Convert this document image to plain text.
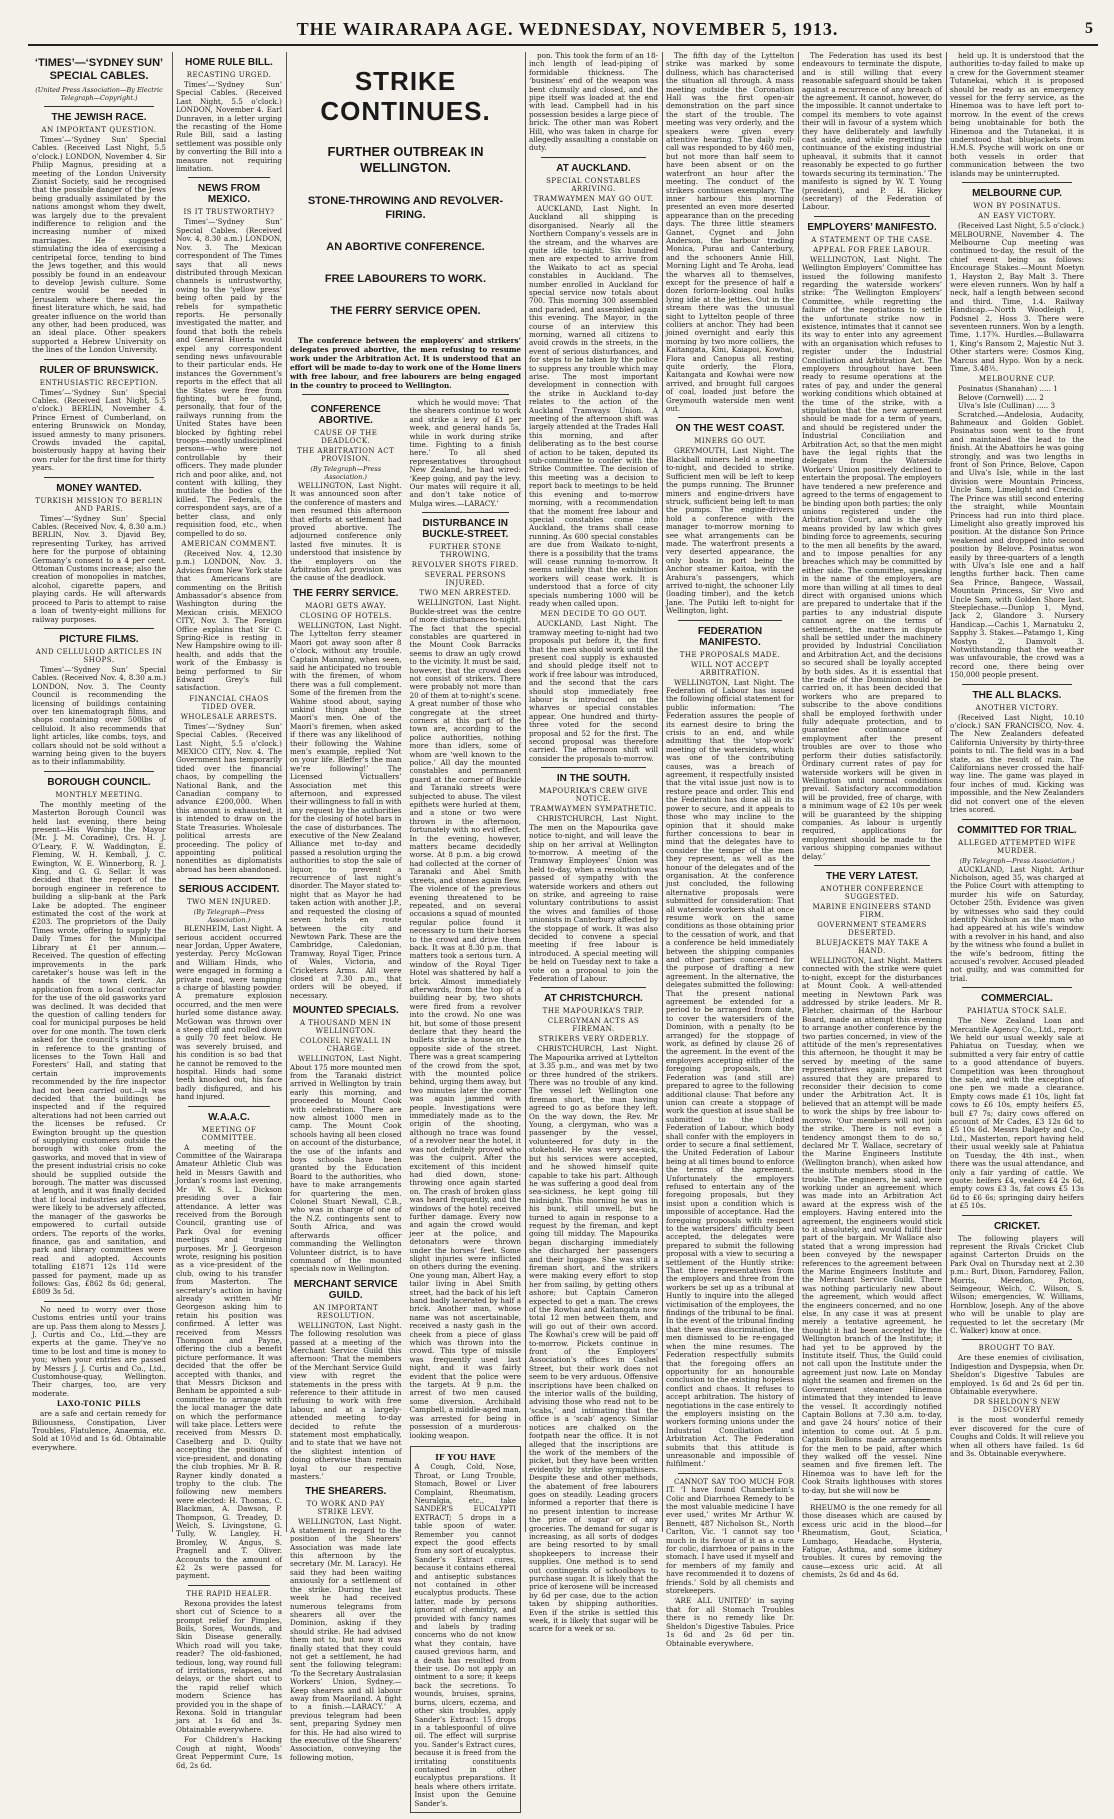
THE WAIRARAPA AGE. WEDNESDAY, NOVEMBER 5, 1913.	5
‘TIMES’—‘SYDNEY SUN’ SPECIAL CABLES.
(United Press Association—By Electric Telegraph—Copyright.)
THE JEWISH RACE.
AN IMPORTANT QUESTION.

Times’—‘Sydney Sun’ Special Cables. (Received Last Night, 5.5 o’clock.) LONDON, November 4. Sir Philip Magnus, presiding at a meeting of the London University Zionist Society, said he recognised that the possible danger of the Jews being gradually assimilated by the nations amongst whom they dwelt, was largely due to the prevalent indifference to religion and the increasing number of mixed marriages. He suggested stimulating the idea of exercising a centripetal force, tending to bind the Jews together, and this would possibly be found in an endeavour to develop Jewish culture. Some centre would be needed in Jerusalem where there was the finest literature which, he said, had greater influence on the world than any other, had been produced, was an ideal place. Other speakers supported a Hebrew University on the lines of the London University.

RULER OF BRUNSWICK.
ENTHUSIASTIC RECEPTION.

Times’—‘Sydney Sun’ Special Cables. (Received Last Night, 5.5 o’clock.) BERLIN, November 4. Prince Ernest of Cumberland, on entering Brunswick on Monday, issued amnesty to many prisoners. Crowds invaded the capital, boisterously happy at having their own ruler for the first time for thirty years.

MONEY WANTED.
TURKISH MISSION TO BERLIN AND PARIS.

Times’—‘Sydney Sun’ Special Cables. (Received Nov. 4, 8.30 a.m.) BERLIN, Nov. 3. Djavid Bey, representing Turkey, has arrived here for the purpose of obtaining Germany’s consent to a 4 per cent. Ottoman Customs increase; also the creation of monopolies in matches, alcohol, cigarette papers, and playing cards. He will afterwards proceed to Paris to attempt to raise a loan of twenty-eight millions for railway purposes.

PICTURE FILMS.
AND CELLULOID ARTICLES IN SHOPS.

Times’—‘Sydney Sun’ Special Cables. (Received Nov. 4, 8.30 a.m.) LONDON, Nov. 3. The County Council is recommending the licensing of buildings containing over ten kinematograph films, and shops containing over 500lbs of celluloid. It also recommends that light articles, like combs, toys, and collars should not be sold without a warning being given to the buyers as to their inflammability.

BOROUGH COUNCIL.
MONTHLY MEETING.

The monthly meeting of the Masterton Borough Council was held last evening, there being present—His Worship the Mayor (Mr. J. M. Coradine), Crs. H. J. O’Leary, F. W. Waddington, E. Fleming, W. H. Kemball, J. C. Ewington, W. E. Winnerborg, R. J. King, and G. G. Sellar. It was decided that the report of the borough engineer in reference to building a slip-bank at the Park Lake be adopted. The engineer estimated the cost of the work at £203. The proprietors of the Daily Times wrote, offering to supply the Daily Times for the Municipal Library at £1 per annum.—Received. The question of effecting improvements in the park caretaker’s house was left in the hands of the town clerk. An application from a local contractor for the use of the old gasworks yard was declined. It was decided that the question of calling tenders for coal for municipal purposes be held over for one month. The town clerk asked for the council’s instructions in reference to the granting of licenses to the Town Hall and Foresters’ Hall, and stating that certain improvements recommended by the fire inspector had not been carried out.—It was decided that the buildings be inspected and if the required alterations had not been carried out the licenses be refused. Cr Ewington brought up the question of supplying customers outside the borough with coke from the gasworks, and moved that in view of the present industrial crisis no coke should be supplied outside the borough. The matter was discussed at length, and it was finally decided that if local industries and citizens were likely to be adversely affected, the manager of the gasworks be empowered to curtail outside orders. The reports of the works, finance, gas and sanitation, and park and library committees were read and adopted. Accounts totalling £1871 12s 11d were passed for payment, made up as follows: Gas, £862 8s 6d; general, £809 3s 5d.

No need to worry over those Customs entries until your trains are up. Pass them along to Messrs J. J. Curtis and Co., Ltd.—they are experts at the game. They’ve no time to be lost and time is money to you; when your entries are passed by Messrs J. J. Curtis and Co., Ltd., Customhouse-quay, Wellington. Their charges, too, are very moderate.

LAXO-TONIC PILLS

are a safe and certain remedy for Biliousness, Constipation, Liver Troubles, Flatulence, Anaemia, etc. Sold at 10½d and 1s 6d. Obtainable everywhere.

HOME RULE BILL.
RECASTING URGED.

Times’—‘Sydney Sun’ Special Cables. (Received Last Night, 5.5 o’clock.) LONDON, November 4. Earl Dunraven, in a letter urging the recasting of the Home Rule Bill, said a lasting settlement was possible only by converting the Bill into a measure not requiring limitation.

NEWS FROM MEXICO.
IS IT TRUSTWORTHY?

Times’—‘Sydney Sun’ Special Cables. (Received Nov. 4, 8.30 a.m.) LONDON, Nov. 3. The Mexican correspondent of The Times says that all news distributed through Mexican channels is untrustworthy, owing to the ‘yellow press’ being often paid by the rebels for sympathetic reports. He personally investigated the matter, and found that both the rebels and General Huerta would expel any correspondent sending news unfavourable to their particular ends. He instances the Government’s reports in the effect that all the States were free from fighting, but he found, personally, that four of the railways running from the United States have been blocked by fighting rebel troops—mostly undisciplined persons—who were not controllable by their officers. They made plunder rich and poor alike, and, not content with killing, they mutilate the bodies of the killed. The Federals, the correspondent says, are of a better class, and only requisition food, etc., when compelled to do so.

AMERICAN COMMENT.

(Received Nov. 4, 12.30 p.m.) LONDON, Nov. 3. Advices from New York state that Americans are commenting on the British Ambassador’s absence from Washington during the Mexican crisis. MEXICO CITY, Nov. 3. The Foreign Office explains that Sir C. Spring-Rice is resting in New Hampshire owing to ill-health, and adds that the work of the Embassy is being performed to Sir Edward Grey’s full satisfaction.

FINANCIAL CHAOS TIDED OVER.
WHOLESALE ARRESTS.

Times’—‘Sydney Sun’ Special Cables. (Received Last Night, 5.5 o’clock.) MEXICO CITY, Nov. 4. The Government has temporarily tided over the financial chaos, by compelling the National Bank, and the Canadian company to advance £200,000. When this amount is exhausted, it is intended to draw on the State Treasuries. Wholesale political arrests are proceeding. The policy of appointing political nonentities as diplomatists abroad has been abandoned.

SERIOUS ACCIDENT.
TWO MEN INJURED.
(By Telegraph—Press Association.)

BLENHEIM, Last Night. A serious accident occurred near Jordan, Upper Awatere, yesterday. Percy McGowan and William Hinds, who were engaged in forming a private road, were tamping a charge of blasting powder. A premature explosion occurred, and the men were hurled some distance away. McGowan was thrown over a steep cliff and rolled down a gully 70 feet below. He was severely bruised, and his condition is so bad that he cannot be removed to the hospital. Hinds had some teeth knocked out, his face badly disfigured, and his hand injured.

W.A.A.C.
MEETING OF COMMITTEE.

A meeting of the Committee of the Wairarapa Amateur Athletic Club was held in Messrs Gawith and Jordan’s rooms last evening, Mr W. S. L. Dickson presiding over a fair attendance. A letter was received from the Borough Council, granting use of Park Oval for evening meetings and training purposes. Mr J. Georgeson wrote, resigning his position as a vice-president of the club, owing to his transfer from Masterton. The secretary’s action in having already written Mr Georgeson asking him to retain his position was confirmed. A letter was received from Messrs Thompson and Payne, offering the club a benefit picture performance. It was decided that the offer be accepted with thanks, and that Messrs Dickson and Benham be appointed a sub-committee to arrange with the local manager the date on which the performance will take place. Letters were received from Messrs D. Caselberg and D. Quilty accepting the positions of vice-president, and donating the club trophies. Mr B. R. Rayner kindly donated a trophy to the club. The following new members were elected: H. Thomas, C. Blackman, A. Dawson, P. Thompson, G. Treadey, D. Welch, S. Livingstone, G. Tully, W. Langley, H. Bromley, W. Angus, S. Pragnell and T. Oliver. Accounts to the amount of £2 2s were passed for payment.

THE RAPID HEALER.

Rexona provides the latest short cut of Science to a prompt relief for Pimples, Boils, Sores, Wounds, and Skin Disease generally. Which road will you take, reader? The old-fashioned, tedious, long, way round full of irritations, relapses, and delays, or the short cut to the rapid relief which modern Science has provided you in the shape of Rexona. Sold in triangular jars at 1s 6d and 3s. Obtainable everywhere.

For Children’s Hacking Cough at night, Woods’ Great Peppermint Cure, 1s 6d, 2s 6d.

STRIKE CONTINUES.
FURTHER OUTBREAK IN WELLINGTON.
STONE-THROWING AND REVOLVER-FIRING.
AN ABORTIVE CONFERENCE.
FREE LABOURERS TO WORK.
THE FERRY SERVICE OPEN.

The conference between the employers’ and strikers’ delegates proved abortive, the men refusing to resume work under the Arbitration Act. It is understood that an effort will be made to-day to work one of the Home liners with free labour, and free labourers are being engaged in the country to proceed to Wellington.

CONFERENCE ABORTIVE.
CAUSE OF THE DEADLOCK.
THE ARBITRATION ACT PROVISION.
(By Telegraph—Press Association.)

WELLINGTON, Last Night. It was announced soon after the conference of masters and men resumed this afternoon that efforts at settlement had proved abortive. The adjourned conference only lasted five minutes. It is understood that insistence by the employers on the Arbitration Act provision was the cause of the deadlock.

THE FERRY SERVICE.
MAORI GETS AWAY.
CLOSING OF HOTELS.

WELLINGTON, Last Night. The Lyttelton ferry steamer Maori got away soon after 8 o’clock, without any trouble. Captain Manning, when seen, said he anticipated no trouble with the firemen, of whom there was a full complement. Some of the firemen from the Wahine stood about, saying unkind things about the Maori’s men. One of the Maori’s firemen, when asked if there was any likelihood of their following the Wahine men’s example, replied ‘Not on your life. Bleffer’s the man we’re following!’ The Licensed Victuallers’ Association met this afternoon, and expressed their willingness to fall in with any request by the authorities for the closing of hotel bars in the case of disturbances. The executive of the New Zealand Alliance met to-day and passed a resolution urging the authorities to stop the sale of liquor, to prevent a recurrence of last night’s disorder. The Mayor stated to-night that as Mayor he had taken action with another J.P., and requested the closing of seven hotels en route between the city and Newtown Park. These are the Cambridge, Caledonian, Tramway, Royal Tiger, Prince of Wales, Victoria, and Cricketers Arms. All were closed at 7.30 p.m., that orders will be obeyed, if necessary.

MOUNTED SPECIALS.
A THOUSAND MEN IN WELLINGTON.
COLONEL NEWALL IN CHARGE.

WELLINGTON, Last Night. About 175 more mounted men from the Taranaki district arrived in Wellington by train early this morning, and proceeded to Mount Cook with celebration. There are now almost 1000 men in camp. The Mount Cook schools having all been closed on account of the disturbance, the use of the infants and boys schools have been granted by the Education Board to the authorities, who have to make arrangements for quartering the men. Colonel Stuart Newall, C.B., who was in charge of one of the N.Z. contingents sent to South Africa, and was afterwards officer commanding the Wellington Volunteer district, is to have command of the mounted specials now in Wellington.

MERCHANT SERVICE GUILD.
AN IMPORTANT RESOLUTION.

WELLINGTON, Last Night. The following resolution was passed at a meeting of the Merchant Service Guild this afternoon: ‘That the members of the Merchant Service Guild view with regret the statements in the press with reference to their attitude in refusing to work with free labour, and at a largely-attended meeting to-day decided to refute the statement most emphatically, and to state that we have not the slightest intention of doing otherwise than remain loyal to our respective masters.’

THE SHEARERS.
TO WORK AND PAY STRIKE LEVY.

WELLINGTON, Last Night. A statement in regard to the position of the Shearers’ Association was made late this afternoon by the secretary (Mr. M. Laracy). He said they had been waiting anxiously for a settlement of the strike. During the last week he had received numerous telegrams from shearers all over the Dominion, asking if they should strike. He had advised them not to, but now it was finally stated that they could not get a settlement, he had sent the following telegram: ‘To the Secretary Australasian Workers’ Union, Sydney.—Keep shearers and all labour away from Maoriland. A fight to a finish.—LARACY.’ A previous telegram had been sent, preparing Sydney men for this. He had also wired to the executive of the Shearers’ Association, conveying the following motion,

which he would move: ‘That the shearers continue to work and strike a levy of £1 per week, and general hands 5s, while in work during strike time. Fighting to a finish here.’ To all shed representatives throughout New Zealand, he had wired: ‘Keep going, and pay the levy. Our mates will require it all, and don’t take notice of Mulga wires.—LARACY.’

DISTURBANCE IN BUCKLE-STREET.
FURTHER STONE THROWING.
REVOLVER SHOTS FIRED.
SEVERAL PERSONS INJURED.
TWO MEN ARRESTED.

WELLINGTON, Last Night. Buckle-street was the centre of more disturbances to-night. The fact that the special constables are quartered in the Mount Cook Barracks seems to draw an ugly crowd to the vicinity. It must be said, however, that the crowd does not consist of strikers. There were probably not more than 20 of them at to-night’s scene. A great number of those who congregate at the street corners at this part of the town are, according to the police authorities, nothing more than idlers, some of whom are ‘well known to the police.’ All day the mounted constables and permanent guard at the corner of Buckle and Taranaki streets were subjected to abuse. The vilest epithets were hurled at them, and a stone or two were thrown in the afternoon, fortunately with no evil effect. In the evening, however, matters became decidedly worse. At 8 p.m. a big crowd had collected at the corner of Taranaki and Abel Smith streets, and stones again flew. The violence of the previous evening threatened to be repeated, and on several occasions a squad of mounted regular police found it necessary to turn their horses to the crowd and drive them back. It was at 8.30 p.m. that matters took a serious turn. A window of the Royal Tiger Hotel was shattered by half a brick. Almost immediately afterwards, from the top of a building near by, two shots were fired from a revolver into the crowd. No one was hit, but some of those present declare that they heard the bullets strike a house on the opposite side of the street. There was a great scampering of the crowd from the spot, with the mounted police behind, urging them away, but two minutes later the corner was again jammed with people. Investigations were immediately made as to the origin of the shooting, although no trace was found of a revolver near the hotel, it was not definitely proved who was the culprit. After the excitement of this incident had died down, stone-throwing once again started on. The crash of broken glass was heard frequently, and the windows of the hotel received further damage. Every now and again the crowd would jeer at the police, and detonators were thrown under the horses’ feet. Some slight injuries were inflicted on others during the evening. One young man, Albert Hay, a tailor living in Abel Smith street, had the back of his left hand badly lacerated by half a brick. Another man, whose name was not ascertainable, received a nasty gash in the cheek from a piece of glass which was thrown into the crowd. This type of missile was frequently used last night, and it was fairly evident that the police were the targets. At 9 p.m. the arrest of two men caused some diversion. Archibald Campbell, a middle-aged man, was arrested for being in possession of a murderous-looking weapon.

IF YOU HAVE
A Cough, Cold, Nose, Throat, or Lung Trouble, Stomach, Bowel or Liver Complaint, Rheumatism, Neuralgia, etc., take SANDER’S EUCALYPTI EXTRACT; 5 drops in a table spoon of water. Remember you cannot expect the good effects from any sort of eucalyptus. Sander’s Extract cures, because it contains ethereal and antiseptic substances not contained in other eucalyptus products. These latter, made by persons ignorant of chemistry, and provided with fancy names and labels by trading concerns who do not know what they contain, have caused grevious harm, and a death has resulted from their use. Do not apply an ointment to a sore; it keeps back the secretions. To wounds, bruises, sprains, burns, ulcers, eczema, and other skin troubles, apply Sander’s Extract: 15 drops in a tablespoonful of olive oil. The effect will surprise you. Sander’s Extract cures, because it is freed from the irritating constituents contained in other eucalyptus preparations. It heals where others irritate. Insist upon the Genuine Sander’s.

pon. This took the form of an 18-inch length of lead-piping of formidable thickness. The ‘business’ end of the weapon was bent clumsily and closed, and the pipe itself was loaded at the end with lead. Campbell had in his possession besides a large piece of brick. The other man was Robert Hill, who was taken in charge for allegedly assaulting a constable on duty.

AT AUCKLAND.
SPECIAL CONSTABLES ARRIVING.
TRAMWAYMEN MAY GO OUT.

AUCKLAND, Last Night. In Auckland all shipping is disorganised. Nearly all the Northern Company’s vessels are in the stream, and the wharves are quite idle to-night. Six hundred men are expected to arrive from the Waikato to act as special constables in Auckland. The number enrolled in Auckland for special service now totals about 700. This morning 300 assembled and paraded, and assembled again this evening. The Mayor, in the course of an interview this morning, warned all citizens to avoid crowds in the streets, in the event of serious disturbances, and for steps to be taken by the police to suppress any trouble which may arise. The most important development in connection with the strike in Auckland to-day relates to the action of the Auckland Tramways Union. A meeting of the afternoon shift was largely attended at the Trades Hall this morning, and after deliberating as to the best course of action to be taken, deputed its sub-committee to confer with the Strike Committee. The decision of this meeting was a decision to report back to meetings to be held this evening and to-morrow morning, with a recommendation that the moment free labour and special constables come into Auckland, the trams shall cease running. As 600 special constables are due from Waikato to-night, there is a possibility that the trams will cease running to-morrow. It seems unlikely that the exhibition workers will cease work. It is understood that a force of city specials numbering 1000 will be ready when called upon.

MEN DECIDE TO GO OUT.

AUCKLAND, Last Night. The tramway meeting to-night had two proposals put before it, the first that the men should work until the present coal supply is exhausted and should pledge itself not to work if free labour was introduced, and the second that the cars should stop immediately free labour is introduced on the wharves or special constables appear. One hundred and thirty-three voted for the second proposal and 52 for the first. The second proposal was therefore carried. The afternoon shift will consider the proposals to-morrow.

IN THE SOUTH.
MAPOURIKA’S CREW GIVE NOTICE.
TRAMWAYMEN SYMPATHETIC.

CHRISTCHURCH, Last Night. The men on the Mapourika gave notice to-night, and will leave the ship on her arrival at Wellington to-morrow. A meeting of the Tramway Employees’ Union was held to-day, when a resolution was passed of sympathy with the waterside workers and others out on strike, and agreeing to raise voluntary contributions to assist the wives and families of those unionists in Canterbury affected by the stoppage of work. It was also decided to convene a special meeting if free labour is introduced. A special meeting will be held on Tuesday next to take a vote on a proposal to join the Federation of Labour.

AT CHRISTCHURCH.
THE MAPOURIKA’S TRIP.
CLERGYMAN ACTS AS FIREMAN.
STRIKERS VERY ORDERLY.

CHRISTCHURCH, Last Night. The Mapourika arrived at Lyttelton at 3.35 p.m., and was met by two or three hundred of the strikers. There was no trouble of any kind. The vessel left Wellington one fireman short, the man having agreed to go as before they left. On the way down, the Rev. Mr Young, a clergyman, who was a passenger by the vessel, volunteered for duty in the stokehold. He was very sea-sick, but his services were accepted, and he showed himself quite capable to take his part. Although he was suffering a good deal from sea-sickness, he kept going till midnight. This morning he was in his bunk, still unwell, but he turned to again in response to a request by the fireman, and kept going till midday. The Mapourika began discharging immediately she discharged her passengers and their luggage. She was still a fireman short, and the strikers were making every effort to stop her from sailing, by getting others ashore; but Captain Cameron expected to get a man. The crews of the Rowhai and Kaitangata now total 12 men between them, and will go out of their own accord. The Kowhai’s crew will be paid off to-morrow. Pickets continue in front of the Employers’ Association’s offices in Cashel Street, but their work does not seem to be very arduous. Offensive inscriptions have been chalked on the interior walls of the building, advising those who read not to be ‘scabs,’ and intimating that the office is a ‘scab’ agency. Similar notices are chalked on the footpath near the office. It is not alleged that the inscriptions are the work of the members of the picket, but they have been written evidently by strike sympathisers. Despite these and other methods, the abatement of free labourers goes on steadily. Leading grocers informed a reporter that there is no present intention to increase the price of sugar or of any groceries. The demand for sugar is increasing, as all sorts of dodges are being resorted to by small shopkeepers to increase their supplies. One method is to send out contingents of schoolboys to purchase sugar. It is likely that the price of kerosene will be increased by 6d per case, due to the action taken by shipping authorities. Even if the strike is settled this week, it is likely that sugar will be scarce for a week or so.

The fifth day of the Lyttelton strike was marked by some dullness, which has characterised the situation all through. A mass meeting outside the Coronation Hall was the first open-air demonstration on the part since the start of the trouble. The meeting was very orderly, and the speakers were given every attentive hearing. The daily roll-call was responded to by 460 men, but not more than half seem to have been absent or on the waterfront an hour after the meeting. The conduct of the strikers continues exemplary. The inner harbour this morning presented an even more deserted appearance than on the preceding days. The three little steamers Gannet, Cygnet and John Anderson, the harbour trading Monica, Purau and Canterbury, and the schooners Annie Hill, Morning Light and Te Aroha, lead the wharves all to themselves, except for the presence of half a dozen forlorn-looking coal hulks lying idle at the jetties. Out in the stream there was the unusual sight to Lyttelton people of three colliers at anchor. They had been joined overnight and early this morning by two more colliers, the Kaitangata, Kini, Kaiapoi, Kowhai, Flora and Canopus all resting quite orderly, the Flora, Kaitangata and Kowhai were now arrived, and brought full cargoes of coal, loaded just before the Greymouth waterside men went out.

ON THE WEST COAST.
MINERS GO OUT.

GREYMOUTH, Last Night. The Blackball miners held a meeting to-night, and decided to strike. Sufficient men will be left to keep the pumps running. The Brunner miners and engine-drivers have struck, sufficient being left to man the pumps. The engine-drivers hold a conference with the manager to-morrow morning to see what arrangements can be made. The waterfront presents a very deserted appearance, the only boats in port being the Anchor steamer Kaitoa, with the Arahura’s passengers, which arrived to-night, the schooner Lily (loading timber), and the ketch Jane. The Putiki left to-night for Wellington, light.

FEDERATION MANIFESTO.
THE PROPOSALS MADE.
WILL NOT ACCEPT ARBITRATION.

WELLINGTON, Last Night. The Federation of Labour has issued the following official statement for public information: ‘The Federation assures the people of its earnest desire to bring the crisis to an end, and while admitting that the ‘stop-work’ meeting of the watersiders, which was one of the contributing causes, was a breach of agreement, it respectfully insisted that the vital issue just now is to restore peace and order. This end the Federation has done all in its power to secure, and it appeals to those who may incline to the opinion that it should make further concessions to bear in mind that the delegates have to consider the temper of the men they represent, as well as the honour of the delegates and of the organisation. At the conference just concluded, the following alternative proposals were submitted for consideration: That all waterside workers shall at once resume work on the same conditions as those obtaining prior to the cessation of work, and that a conference be held immediately between the shipping companies and other parties concerned for the purpose of drafting a new agreement. In the alternative, the delegates submitted the following: That the present national agreement be extended for a period to be arranged from date, to cover the watersiders of the Dominion, with a penalty (to be arranged) for the stoppage of work, as defined by clause 26 of the agreement. In the event of the employers accepting either of the foregoing proposals, the Federation was (and still are) prepared to agree to the following additional clause: That before any union can create a stoppage of work the question at issue shall be submitted to the United Federation of Labour, which body shall confer with the employers in order to secure a final settlement, the United Federation of Labour being at all times bound to enforce the terms of the agreement. Unfortunately the employers refused to entertain any of the foregoing proposals, but they insist upon a condition which is impossible of acceptance. Had the foregoing proposals with respect to the watersiders’ difficulty been accepted, the delegates were prepared to submit the following proposal with a view to securing a settlement of the Huntly strike: That three representatives from the employers and three from the workers be set up as a tribunal at Huntly to inquire into the alleged victimisation of the employees, the findings of the tribunal to be final. In the event of the tribunal finding that there was discrimination, the men dismissed to be re-engaged when the mine resumes. The Federation respectfully submits that the foregoing offers an opportunity for an honourable conclusion to the existing hopeless conflict and chaos. It refuses to accept arbitration. The history of negotiations in the case entirely to the employers insisting on the workers forming unions under the Industrial Conciliation and Arbitration Act. The Federation submits that this attitude is unreasonable and impossible of fulfilment.’

CANNOT SAY TOO MUCH FOR IT. ‘I have found Chamberlain’s Colic and Diarrhoea Remedy to be the most valuable medicine I have ever used,’ writes Mr Arthur W. Bennett, 487 Nicholson St., North Carlton, Vic. ‘I cannot say too much in its favour of it as a cure for colic, diarrhoea or pains in the stomach. I have used it myself and for members of my family and have recommended it to dozens of friends.’ Sold by all chemists and storekeepers.

‘ARE ALL UNITED’ in saying that for all Stomach Troubles there is no remedy like Dr. Sheldon’s Digestive Tabules. Price 1s 6d and 2s 6d per tin. Obtainable everywhere.

The Federation has used its best endeavours to terminate the dispute, and is still willing that every reasonable safeguard should be taken against a recurrence of any breach of the agreement. It cannot, however, do the impossible. It cannot undertake to compel its members to vote against their will in favour of a system which they have deliberately and lawfully cast aside, and while regretting the continuance of the existing industrial upheaval, it submits that it cannot reasonably be expected to go further towards securing its termination.’ The manifesto is signed by W. T. Young (president), and P. H. Hickey (secretary) of the Federation of Labour.

EMPLOYERS’ MANIFESTO.
A STATEMENT OF THE CASE.
APPEAL FOR FREE LABOUR.

WELLINGTON, Last Night. The Wellington Employers’ Committee has issued the following manifesto regarding the waterside workers’ strike: ‘The Wellington Employers’ Committee, while regretting the failure of the negotiations to settle the unfortunate strike now in existence, intimates that it cannot see its way to enter into any agreement with an organisation which refuses to register under the Industrial Conciliation and Arbitration Act. The employers throughout have been ready to resume operations at the rates of pay, and under the general working conditions which obtained at the time of the strike, with a stipulation that the new agreement should be made for a term of years, and should be registered under the Industrial Conciliation and Arbitration Act, so that the men might have the legal rights that the delegates from the Waterside Workers’ Union positively declined to entertain the proposal. The employers have tendered a new preference and agreed to the terms of engagement to be binding upon both parties; the only unions registered under the Arbitration Court, and is the only means provided by law which gives binding force to agreements, securing to the men all benefits by the award, and to impose penalties for any breaches which may be committed by either side. The committee, speaking in the name of the employers, are more than willing at all times to deal direct with organised unions which are prepared to undertake that if the parties to any industrial dispute cannot agree on the terms of settlement, the matters in dispute shall be settled under the machinery provided by Industrial Conciliation and Arbitration Act, and the decisions so secured shall be loyally accepted by both sides. As it is essential that the trade of the Dominion should be carried on, it has been decided that workers who are prepared to subscribe to the above conditions shall be employed forthwith under fully adequate protection, and to guarantee continuance of employment after the present troubles are over to those who perform their duties satisfactorily. Ordinary current rates of pay for waterside workers will be given in Wellington until normal conditions prevail. Satisfactory accommodation will be provided, free of charge, with a minimum wage of £2 10s per week will be guaranteed by the shipping companies. As labour is urgently required, applications for employment should be made to the various shipping companies without delay.’

THE VERY LATEST.
ANOTHER CONFERENCE SUGGESTED.
MARINE ENGINEERS STAND FIRM.
GOVERNMENT STEAMERS DESERTED.
BLUEJACKETS MAY TAKE A HAND.

WELLINGTON, Last Night. Matters connected with the strike were quiet to-night, except for the disturbances at Mount Cook. A well-attended meeting in Newtown Park was addressed by strike leaders. Mr R. Fletcher, chairman of the Harbour Board, made an attempt this evening to arrange another conference by the two parties concerned, in view of the attitude of the men’s representatives this afternoon, he thought it may be served by meeting of the same representatives again, unless first assured that they are prepared to reconsider their decision to come under the Arbitration Act. It is believed that an attempt will be made to work the ships by free labour to-morrow. ‘Our members will not join the strike. There is not even a tendency amongst them to do so,’ declared Mr T. Wallace, secretary of the Marine Engineers Institute (Wellington branch), when asked how the institute members stood in the trouble. The engineers, he said, were working under an agreement which was made into an Arbitration Act award at the express wish of the employers. Having entered into the agreement, the engineers would stick to it absolutely, and would fulfil their part of the bargain. Mr Wallace also stated that a wrong impression had been conveyed by the newspaper references to the agreement between the Marine Engineers Institute and the Merchant Service Guild. There was nothing particularly new about the agreement, which would affect the engineers concerned, and no one else. In any case it was at present merely a tentative agreement, he thought it had been accepted by the Wellington branch of the Institute; it had yet to be approved by the Institute itself. Thus, the Guild could not call upon the Institute under the agreement just now. Late on Monday night the seamen and firemen on the Government steamer Hinemoa intimated that they intended to leave the vessel. It accordingly notified Captain Bollons at 7.30 a.m. to-day, and gave 24 hours’ notice of their intention to come out. At 5 p.m. Captain Bollons made arrangements for the men to be paid, after which they walked off the vessel. Nine seamen and five firemen left. The Hinemoa was to have left for the Cook Straits lighthouses with stores to-day, but she will now be

RHEUMO is the one remedy for all those diseases which are caused by excess uric acid in the blood—for Rheumatism, Gout, Sciatica, Lumbago, Headache, Hysteria, Fatigue, Asthma, and some kidney troubles. It cures by removing the cause—excess uric acid. At all chemists, 2s 6d and 4s 6d.

held up. It is understood that the authorities to-day failed to make up a crew for the Government steamer Tutanekai, which it is proposed should be ready as an emergency vessel for the ferry service, as the Hinemoa was to have left port to-morrow. In the event of the crews being unobtainable for both the Hinemoa and the Tutanekai, it is understood that bluejackets from H.M.S. Psyche will work on one or both vessels in order that communication between the two islands may be uninterrupted.

MELBOURNE CUP.
WON BY POSINATUS.
AN EASY VICTORY.

(Received Last Night, 5.5 o’clock.) MELBOURNE, November 4. The Melbourne Cup meeting was continued to-day, the result of the chief event being as follows: Encourage Stakes.—Mount Moetyn 1, Hayston 2, Bay Malt 3. There were eleven runners. Won by half a neck, half a length between second and third. Time, 1.4. Railway Handicap.—North Woodleigh 1, Podsnel 2, Hoss 3. There were seventeen runners. Won by a length. Time, 1.17¾. Hurdles.—Bullawarra 1, King’s Ransom 2, Majestic Nut 3. Other starters were: Cosmos King, Marcus and Hypo. Won by a neck. Time, 3.48½.

MELBOURNE CUP.
Posinatus (Shanahan) ..... 1
Belove (Cornwell) ..... 2
Ulva’s Isle (Cullinan) ..... 3

Scratched.—Andelosia, Audacity, Bahmeaux and Golden Goblet. Posinatus soon went to the front and maintained the lead to the finish. At the Abattoirs he was going strongly, and was two lengths in front of Son Prince, Belove, Capon and Ulva’s Isle, while in the last division were Mountain Princess, Uncle Sam, Limelight and Crecido. The Prince was still second entering the straight, while Mountain Princess had run into third place. Limelight also greatly improved his position. At the distance Son Prince weakened and dropped into second position by Belove. Posinatus won easily by three-quarters of a length with Ulva’s Isle one and a half lengths further back. Then came Sea Prince, Bangece, Wassail, Mountain Princess, Sir Vivo and Uncle Sam, with Golden Shore last. Steeplechase.—Dunlop 1, Mynd, Jack 2, Glandore 3. Nursery Handicap.—Cachis 1, Marnatuku 2, Sapphy 3. Stakes.—Patamgo 1, King Mostyn 2, Damvolt 3. Notwithstanding that the weather was unfavourable, the crowd was a record one, there being over 150,000 people present.

THE ALL BLACKS.
ANOTHER VICTORY.

(Received Last Night, 10.10 o’clock.) SAN FRANCISCO, Nov. 4. The New Zealanders defeated California University by thirty-three points to nil. The field was in a bad state, as the result of rain. The Californians never crossed the half-way line. The game was played in four inches of mud. Kicking was impossible, and the New Zealanders did not convert one of the eleven tries scored.

COMMITTED FOR TRIAL.
ALLEGED ATTEMPTED WIFE MURDER.
(By Telegraph—Press Association.)

AUCKLAND, Last Night. Arthur Nicholson, aged 35, was charged at the Police Court with attempting to murder his wife on Saturday, October 25th. Evidence was given by witnesses who said they could identify Nicholson as the man who had appeared at his wife’s window with a revolver in his hand, and also by the witness who found a bullet in the wife’s bedroom, fitting the accused’s revolver. Accused pleaded not guilty, and was committed for trial.

COMMERCIAL.
PAHIATUA STOCK SALE.

The New Zealand Loan and Mercantile Agency Co., Ltd., report: We held our usual weekly sale at Pahiatua on Tuesday, when we submitted a very fair entry of cattle to a good attendance of buyers. Competition was keen throughout the sale, and with the exception of one pen we made a clearance. Empty cows made £1 10s, light fat cows to £6 10s, empty heifers £5, bull £7 7s; dairy cows offered on account of Mr Cades, £3 12s 6d to £5 10s 6d. Messrs Dalgety and Co., Ltd., Masterton, report having held their usual weekly sale at Pahiatua on Tuesday, the 4th inst., when there was the usual attendance, and only a fair yarding of cattle. We quote: heifers £4, vealers £4 2s 6d, empty cows £3 3s, fat cows £5 13s 6d to £6 6s; springing dairy heifers at £5 10s.

CRICKET.

The following players will represent the Rivals Cricket Club against Carterton Druids on the Park Oval on Thursday next at 2.30 p.m.: Burt, Dixon, Farndorey, Fallon, Morris, Meredon, Picton, Seimgeour, Welch, C. Wilson, S. Wilson; emergencies, W. Williams, Hornblow, Joseph. Any of the above who will be unable to play are requested to let the secretary (Mr C. Walker) know at once.

BROUGHT TO BAY.

Are these enemies of civilisation, Indigestion and Dyspepsia, when Dr. Sheldon’s Digestive Tabules are employed. 1s 6d and 2s 6d per tin. Obtainable everywhere.

DR SHELDON’S NEW DISCOVERY

is the most wonderful remedy ever discovered for the cure of Coughs and Colds. It will relieve you when all others have failed. 1s 6d and 3s. Obtainable everywhere.
